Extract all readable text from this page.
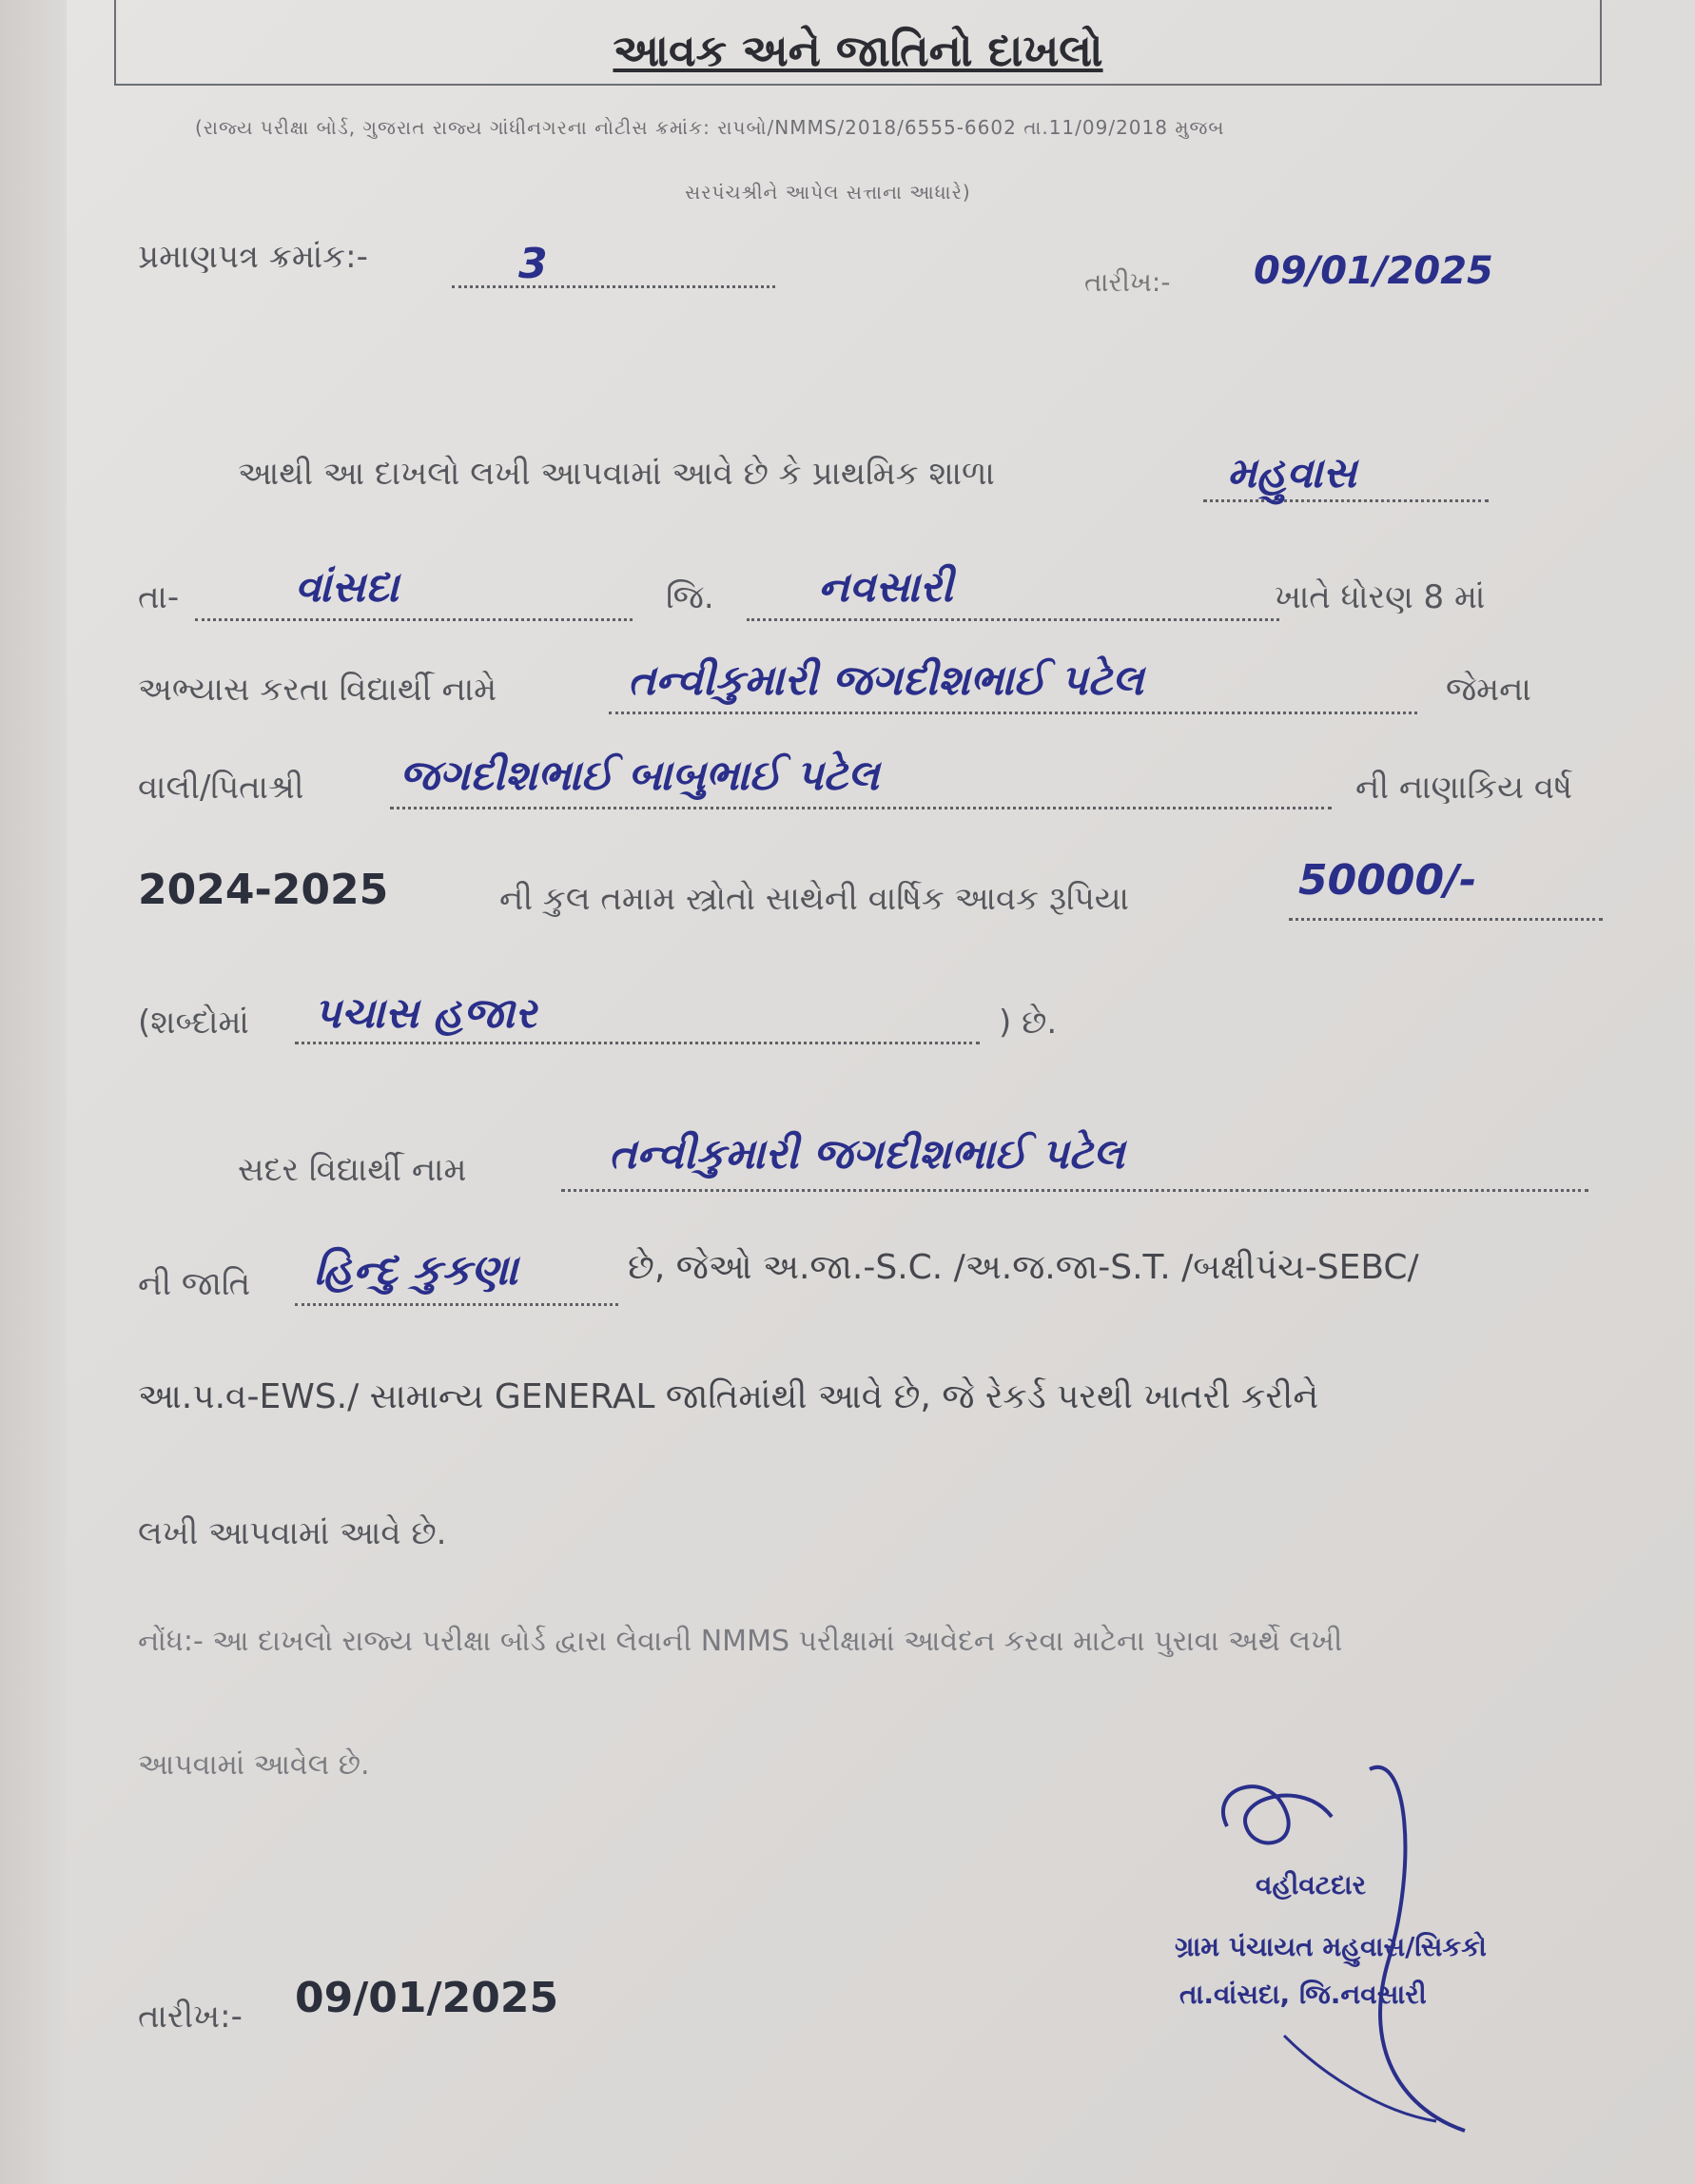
આવક અને જાતિનો દાખલો
(રાજ્ય પરીક્ષા બોર્ડ, ગુજરાત રાજ્ય ગાંધીનગરના નોટીસ ક્રમાંક: રાપબો/NMMS/2018/6555-6602 તા.11/09/2018 મુજબ
સરપંચશ્રીને આપેલ સત્તાના આધારે)
પ્રમાણપત્ર ક્રમાંક:-	3	તારીખ:- 09/01/2025
આથી આ દાખલો લખી આપવામાં આવે છે કે પ્રાથમિક શાળા	મહુવાસ
તા-	વાંસદા	જિ. નવસારી	ખાતે ધોરણ 8 માં
અભ્યાસ કરતા વિદ્યાર્થી નામે	તન્વીકુમારી જગદીશભાઈ પટેલ	જેમના
વાલી/પિતાશ્રી જગદીશભાઈ બાબુભાઈ પટેલ	ની નાણાકિય વર્ષ
2024-2025	ની કુલ તમામ સ્ત્રોતો સાથેની વાર્ષિક આવક રૂપિયા	50000/-
(શબ્દોમાં પચાસ હજાર	) છે.
સદર વિદ્યાર્થી નામ	તન્વીકુમારી જગદીશભાઈ પટેલ
ની જાતિ હિન્દુ કુકણા	છે, જેઓ અ.જા.-S.C. /અ.જ.જા-S.T. /બક્ષીપંચ-SEBC/
આ.પ.વ-EWS./ સામાન્ય GENERAL જાતિમાંથી આવે છે, જે રેકર્ડ પરથી ખાતરી કરીને
લખી આપવામાં આવે છે.
નોંધ:- આ દાખલો રાજ્ય પરીક્ષા બોર્ડ દ્વારા લેવાની NMMS પરીક્ષામાં આવેદન કરવા માટેના પુરાવા અર્થે લખી
આપવામાં આવેલ છે.
તારીખ:- 09/01/2025
વહીવટદાર
ગ્રામ પંચાયત મહુવાસ/સિકકો
તા.વાંસદા, જિ.નવસારી
